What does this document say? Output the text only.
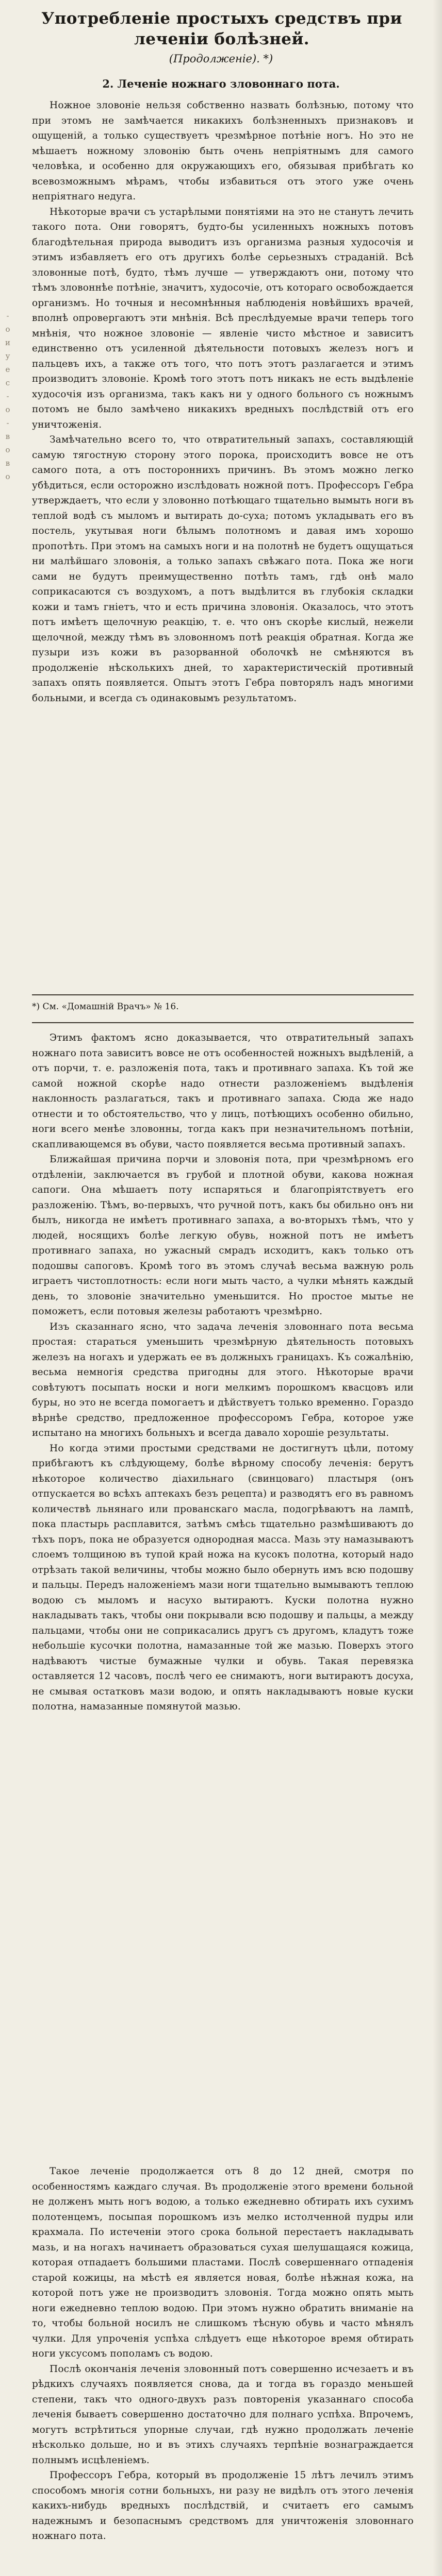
Употребленіе простыхъ средствъ при леченіи болѣзней.
(Продолженіе). *)
2. Леченіе ножнаго зловоннаго пота.

Ножное зловоніе нельзя собственно назвать болѣзнью, потому что при этомъ не замѣчается никакихъ болѣзненныхъ признаковъ и ощущеній, а только существуетъ чрезмѣрное потѣніе ногъ. Но это не мѣшаетъ ножному зловонію быть очень непріятнымъ для самого человѣка, и особенно для окружающихъ его, обязывая прибѣгать ко всевозможнымъ мѣрамъ, чтобы избавиться отъ этого уже очень непріятнаго недуга.

Нѣкоторые врачи съ устарѣлыми понятіями на это не станутъ лечить такого пота. Они говорятъ, будто-бы усиленныхъ ножныхъ потовъ благодѣтельная природа выводитъ изъ организма разныя худосочія и этимъ избавляетъ его отъ другихъ болѣе серьезныхъ страданій. Всѣ зловонные потѣ, будто, тѣмъ лучше — утверждаютъ они, потому что тѣмъ зловоннѣе потѣніе, значитъ, худосочіе, отъ котораго освобождается организмъ. Но точныя и несомнѣнныя наблюденія новѣйшихъ врачей, вполнѣ опровергаютъ эти мнѣнія. Всѣ преслѣдуемые врачи теперь того мнѣнія, что ножное зловоніе — явленіе чисто мѣстное и зависитъ единственно отъ усиленной дѣятельности потовыхъ железъ ногъ и пальцевъ ихъ, а также отъ того, что потъ этотъ разлагается и этимъ производитъ зловоніе. Кромѣ того этотъ потъ никакъ не есть выдѣленіе худосочія изъ организма, такъ какъ ни у одного больного съ ножнымъ потомъ не было замѣчено никакихъ вредныхъ послѣдствій отъ его уничтоженія.

Замѣчательно всего то, что отвратительный запахъ, составляющій самую тягостную сторону этого порока, происходитъ вовсе не отъ самого пота, а отъ постороннихъ причинъ. Въ этомъ можно легко убѣдиться, если осторожно изслѣдовать ножной потъ. Профессоръ Гебра утверждаетъ, что если у зловонно потѣющаго тщательно вымыть ноги въ теплой водѣ съ мыломъ и вытирать до-суха; потомъ укладывать его въ постель, укутывая ноги бѣлымъ полотномъ и давая имъ хорошо пропотѣть. При этомъ на самыхъ ноги и на полотнѣ не будетъ ощущаться ни малѣйшаго зловонія, а только запахъ свѣжаго пота. Пока же ноги сами не будутъ преимущественно потѣть тамъ, гдѣ онѣ мало соприкасаются съ воздухомъ, а потъ выдѣлится въ глубокія складки кожи и тамъ гніетъ, что и есть причина зловонія. Оказалось, что этотъ потъ имѣетъ щелочную реакцію, т. е. что онъ скорѣе кислый, нежели щелочной, между тѣмъ въ зловонномъ потѣ реакція обратная. Когда же пузыри изъ кожи въ разорванной оболочкѣ не смѣняются въ продолженіе нѣсколькихъ дней, то характеристическій противный запахъ опять появляется. Опытъ этотъ Гебра повторялъ надъ многими больными, и всегда съ одинаковымъ результатомъ.

*) См. «Домашній Врачъ» № 16.

Этимъ фактомъ ясно доказывается, что отвратительный запахъ ножнаго пота зависитъ вовсе не отъ особенностей ножныхъ выдѣленій, а отъ порчи, т. е. разложенія пота, такъ и противнаго запаха. Къ той же самой ножной скорѣе надо отнести разложеніемъ выдѣленія наклонность разлагаться, такъ и противнаго запаха. Сюда же надо отнести и то обстоятельство, что у лицъ, потѣющихъ особенно обильно, ноги всего менѣе зловонны, тогда какъ при незначительномъ потѣніи, скапливающемся въ обуви, часто появляется весьма противный запахъ.

Ближайшая причина порчи и зловонія пота, при чрезмѣрномъ его отдѣленіи, заключается въ грубой и плотной обуви, какова ножная сапоги. Она мѣшаетъ поту испаряться и благопріятствуетъ его разложенію. Тѣмъ, во-первыхъ, что ручной потъ, какъ бы обильно онъ ни былъ, никогда не имѣетъ противнаго запаха, а во-вторыхъ тѣмъ, что у людей, носящихъ болѣе легкую обувь, ножной потъ не имѣетъ противнаго запаха, но ужасный смрадъ исходитъ, какъ только отъ подошвы сапоговъ. Кромѣ того въ этомъ случаѣ весьма важную роль играетъ чистоплотность: если ноги мыть часто, а чулки мѣнять каждый день, то зловоніе значительно уменьшится. Но простое мытье не поможетъ, если потовыя железы работаютъ чрезмѣрно.

Изъ сказаннаго ясно, что задача леченія зловоннаго пота весьма простая: стараться уменьшить чрезмѣрную дѣятельность потовыхъ железъ на ногахъ и удержать ее въ должныхъ границахъ. Къ сожалѣнію, весьма немногія средства пригодны для этого. Нѣкоторые врачи совѣтуютъ посыпать носки и ноги мелкимъ порошкомъ квасцовъ или буры, но это не всегда помогаетъ и дѣйствуетъ только временно. Гораздо вѣрнѣе средство, предложенное профессоромъ Гебра, которое уже испытано на многихъ больныхъ и всегда давало хорошіе результаты.

Но когда этими простыми средствами не достигнутъ цѣли, потому прибѣгаютъ къ слѣдующему, болѣе вѣрному способу леченія: берутъ нѣкоторое количество діахильнаго (свинцоваго) пластыря (онъ отпускается во всѣхъ аптекахъ безъ рецепта) и разводятъ его въ равномъ количествѣ льнянаго или прованскаго масла, подогрѣваютъ на лампѣ, пока пластырь расплавится, затѣмъ смѣсь тщательно размѣшиваютъ до тѣхъ поръ, пока не образуется однородная масса. Мазь эту намазываютъ слоемъ толщиною въ тупой край ножа на кусокъ полотна, который надо отрѣзать такой величины, чтобы можно было обернуть имъ всю подошву и пальцы. Передъ наложеніемъ мази ноги тщательно вымываютъ теплою водою съ мыломъ и насухо вытираютъ. Куски полотна нужно накладывать такъ, чтобы они покрывали всю подошву и пальцы, а между пальцами, чтобы они не соприкасались другъ съ другомъ, кладутъ тоже небольшіе кусочки полотна, намазанные той же мазью. Поверхъ этого надѣваютъ чистые бумажные чулки и обувь. Такая перевязка оставляется 12 часовъ, послѣ чего ее снимаютъ, ноги вытираютъ досуха, не смывая остатковъ мази водою, и опять накладываютъ новые куски полотна, намазанные помянутой мазью.

Такое леченіе продолжается отъ 8 до 12 дней, смотря по особенностямъ каждаго случая. Въ продолженіе этого времени больной не долженъ мыть ногъ водою, а только ежедневно обтирать ихъ сухимъ полотенцемъ, посыпая порошкомъ изъ мелко истолченной пудры или крахмала. По истеченіи этого срока больной перестаетъ накладывать мазь, и на ногахъ начинаетъ образоваться сухая шелушащаяся кожица, которая отпадаетъ большими пластами. Послѣ совершеннаго отпаденія старой кожицы, на мѣстѣ ея является новая, болѣе нѣжная кожа, на которой потъ уже не производитъ зловонія. Тогда можно опять мыть ноги ежедневно теплою водою. При этомъ нужно обратить вниманіе на то, чтобы больной носилъ не слишкомъ тѣсную обувь и часто мѣнялъ чулки. Для упроченія успѣха слѣдуетъ еще нѣкоторое время обтирать ноги уксусомъ пополамъ съ водою.

Послѣ окончанія леченія зловонный потъ совершенно исчезаетъ и въ рѣдкихъ случаяхъ появляется снова, да и тогда въ гораздо меньшей степени, такъ что одного-двухъ разъ повторенія указаннаго способа леченія бываетъ совершенно достаточно для полнаго успѣха. Впрочемъ, могутъ встрѣтиться упорные случаи, гдѣ нужно продолжать леченіе нѣсколько дольше, но и въ этихъ случаяхъ терпѣніе вознаграждается полнымъ исцѣленіемъ.

Профессоръ Гебра, который въ продолженіе 15 лѣтъ лечилъ этимъ способомъ многія сотни больныхъ, ни разу не видѣлъ отъ этого леченія какихъ-нибудь вредныхъ послѣдствій, и считаетъ его самымъ надежнымъ и безопаснымъ средствомъ для уничтоженія зловоннаго ножнаго пота.

-
о
и
у
е
с
-
о
-
в
о
в
о
